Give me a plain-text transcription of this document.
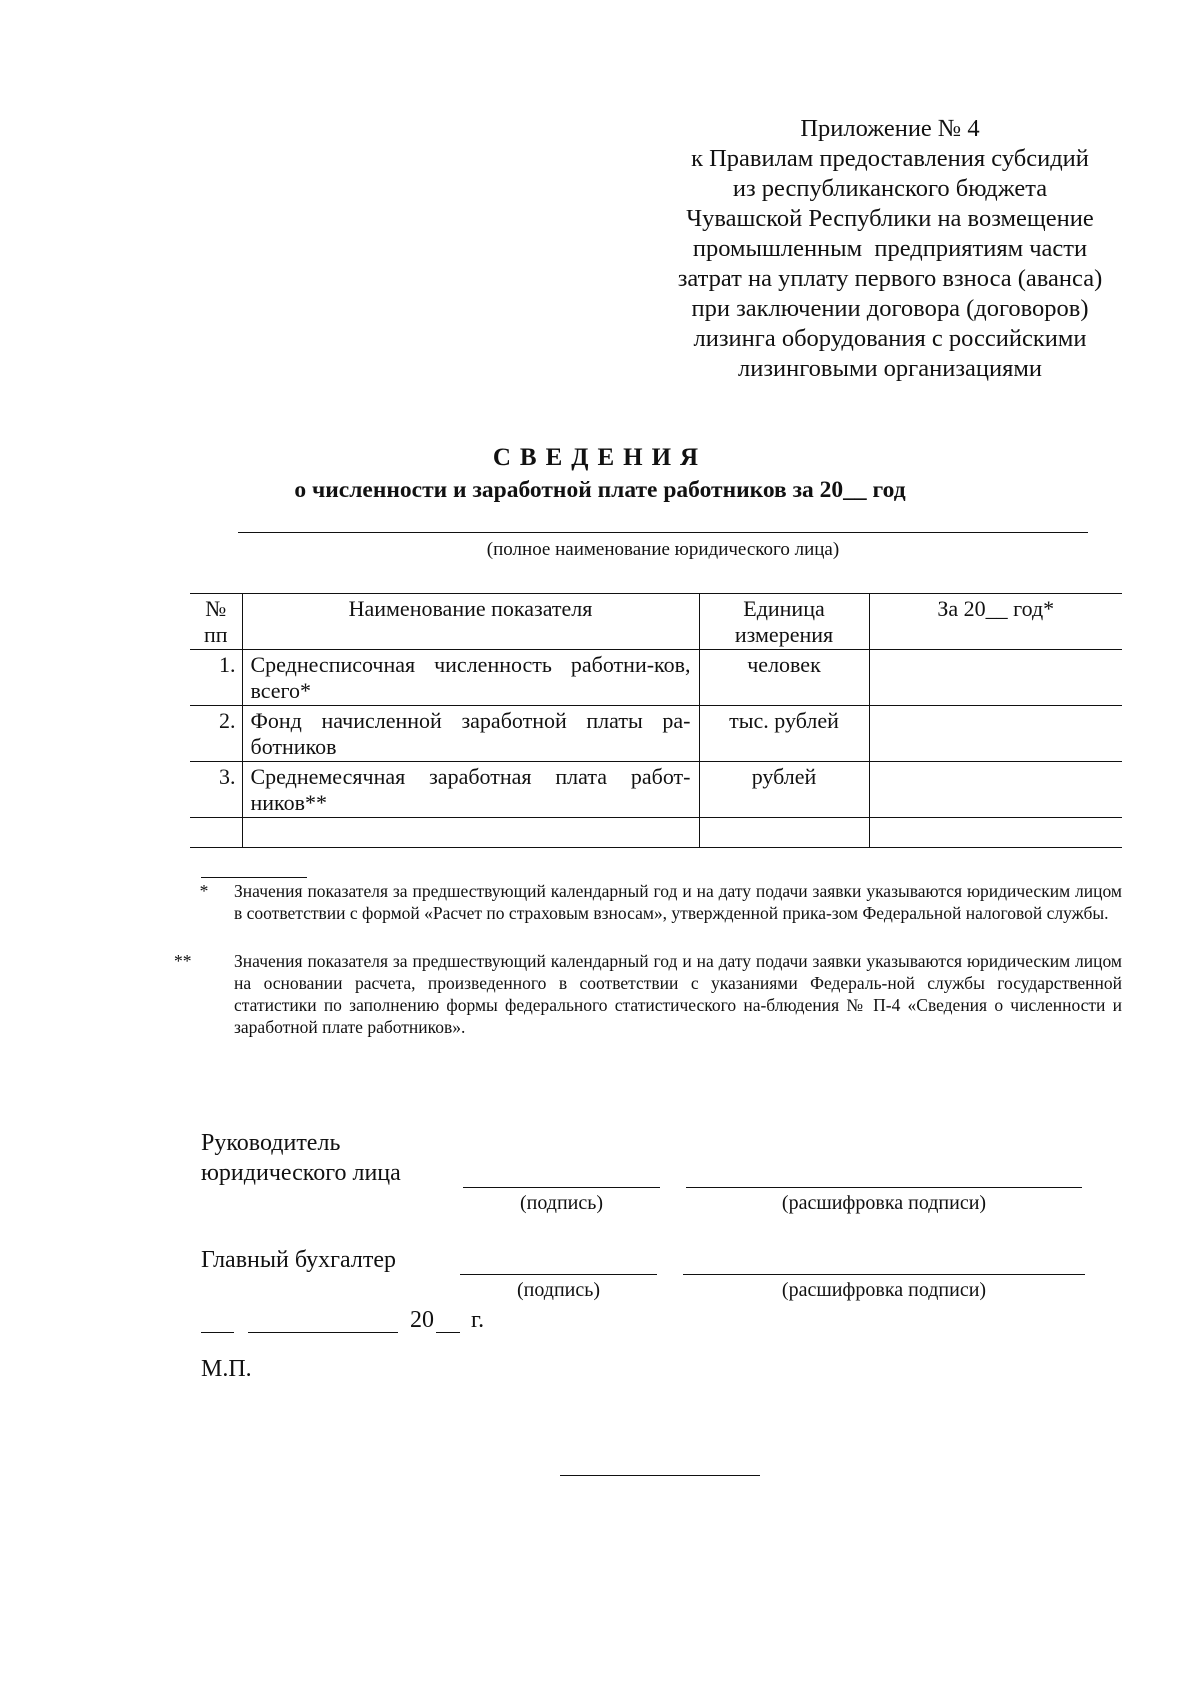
Приложение № 4
к Правилам предоставления субсидий
из республиканского бюджета
Чувашской Республики на возмещение
промышленным  предприятиям части
затрат на уплату первого взноса (аванса)
при заключении договора (договоров)
лизинга оборудования с российскими
лизинговыми организациями
СВЕДЕНИЯ
о численности и заработной плате работников за 20__ год
(полное наименование юридического лица)
№ пп	Наименование показателя	Единица измерения	За 20__ год*
1.	Среднесписочная численность работни-ков, всего*	человек	
2.	Фонд начисленной заработной платы ра-ботников	тыс. рублей	
3.	Среднемесячная заработная плата работ-ников**	рублей	

* Значения показателя за предшествующий календарный год и на дату подачи заявки указываются юридическим лицом в соответствии с формой «Расчет по страховым взносам», утвержденной прика-зом Федеральной налоговой службы.
** Значения показателя за предшествующий календарный год и на дату подачи заявки указываются юридическим лицом на основании расчета, произведенного в соответствии с указаниями Федераль-ной службы государственной статистики по заполнению формы федерального статистического на-блюдения № П-4 «Сведения о численности и заработной плате работников».
Руководитель
юридического лица
(подпись)	(расшифровка подписи)
Главный бухгалтер
(подпись)	(расшифровка подписи)
20 г.
М.П.
